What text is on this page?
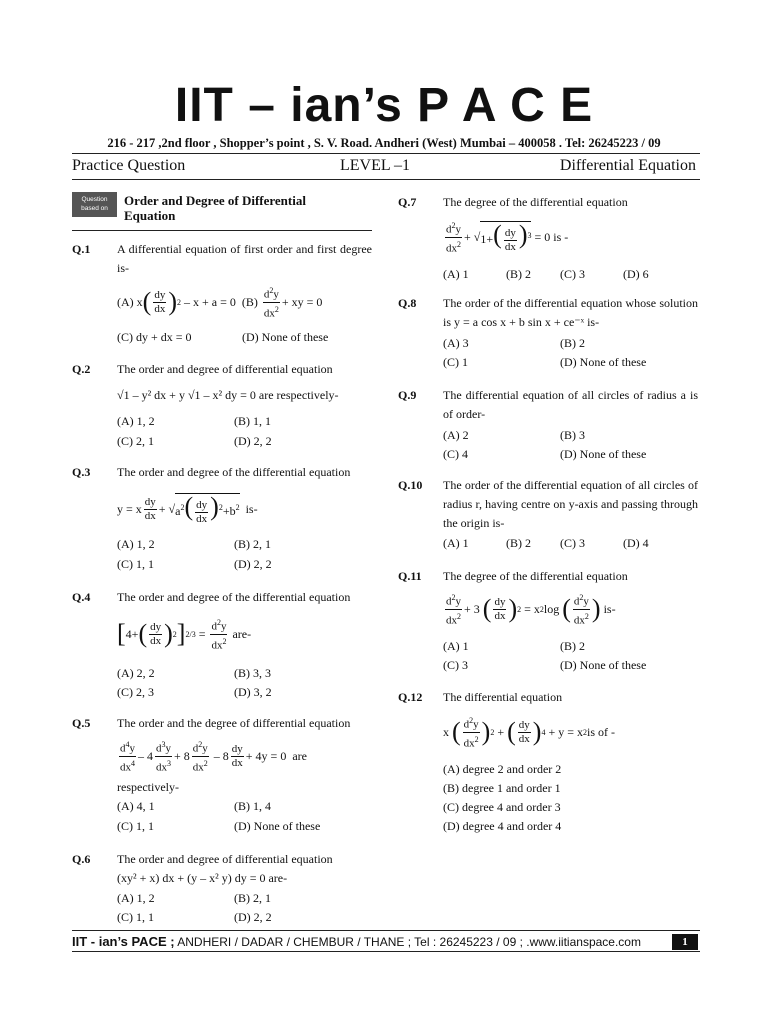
IIT – ian’s P A C E
216 - 217 ,2nd floor , Shopper’s point , S. V. Road. Andheri (West) Mumbai – 400058 . Tel: 26245223 / 09
Practice Question	LEVEL –1	Differential Equation
Question based on
Order and Degree of Differential Equation
Q.1 A differential equation of first order and first degree is-
(A) x ( $\frac{dy}{dx}$ ) 2 – x + a = 0  $(B) \frac{d^2y}{dx^2}$ + xy = 0
(C) dy + dx = 0	(D) None of these
Q.2 The order and degree of differential equation
√1 – y² dx + y √1 – x² dy = 0 are respectively-
(A) 1, 2	(B) 1, 1
(C) 2, 1	(D) 2, 2
Q.3 The order and degree of the differential equation
y = x $\frac{dy}{dx}$ + √ $a^2( \frac{dy}{dx} )^2+b^2$ is-
(A) 1, 2	(B) 2, 1
(C) 1, 1	(D) 2, 2
Q.4 The order and degree of the differential equation
[ 4+ ( $\frac{dy}{dx}$ ) 2 ] $2/3 = \frac{d^2y}{dx^2} are-$
(A) 2, 2	(B) 3, 3
(C) 2, 3	(D) 3, 2
Q.5 The order and the degree of differential equation
$\frac{d^4y}{dx^4} - 4 \frac{d^3y}{dx^3} + 8 \frac{d^2y}{dx^2} - 8 \frac{dy}{dx} + 4y = 0$  are
respectively-
(A) 4, 1	(B) 1, 4
(C) 1, 1	(D) None of these
Q.6 The order and degree of differential equation
(xy² + x) dx + (y – x² y) dy = 0 are-
(A) 1, 2	(B) 2, 1
(C) 1, 1	(D) 2, 2
Q.7 The degree of the differential equation
$\frac{d^2y}{dx^2}$ + √ $1+( \frac{dy}{dx} )^3 = 0$ is -
(A) 1	(B) 2 (C) 3	(D) 6
Q.8 The order of the differential equation whose solution is y = a cos x + b sin x + ce⁻ˣ is-
(A) 3	(B) 2
(C) 1	(D) None of these
Q.9 The differential equation of all circles of radius a is of order-
(A) 2	(B) 3
(C) 4	(D) None of these
Q.10 The order of the differential equation of all circles of radius r, having centre on y-axis and passing through the origin is-
(A) 1	(B) 2 (C) 3	(D) 4
Q.11 The degree of the differential equation
$\frac{d^2y}{dx^2} + 3$ ( $\frac{dy}{dx}$ ) 2 = x 2 log ( $\frac{d^2y}{dx^2}$ ) is-
(A) 1	(B) 2
(C) 3	(D) None of these
Q.12 The differential equation
x ( $\frac{d^2y}{dx^2}$ ) 2 + ( $\frac{dy}{dx}$ ) 4 + y = x 2 is of -
(A) degree 2 and order 2
(B) degree 1 and order 1
(C) degree 4 and order 3
(D) degree 4 and order 4
IIT - ian’s PACE ; ANDHERI / DADAR / CHEMBUR / THANE ; Tel : 26245223 / 09 ; .www.iitianspace.com	1
